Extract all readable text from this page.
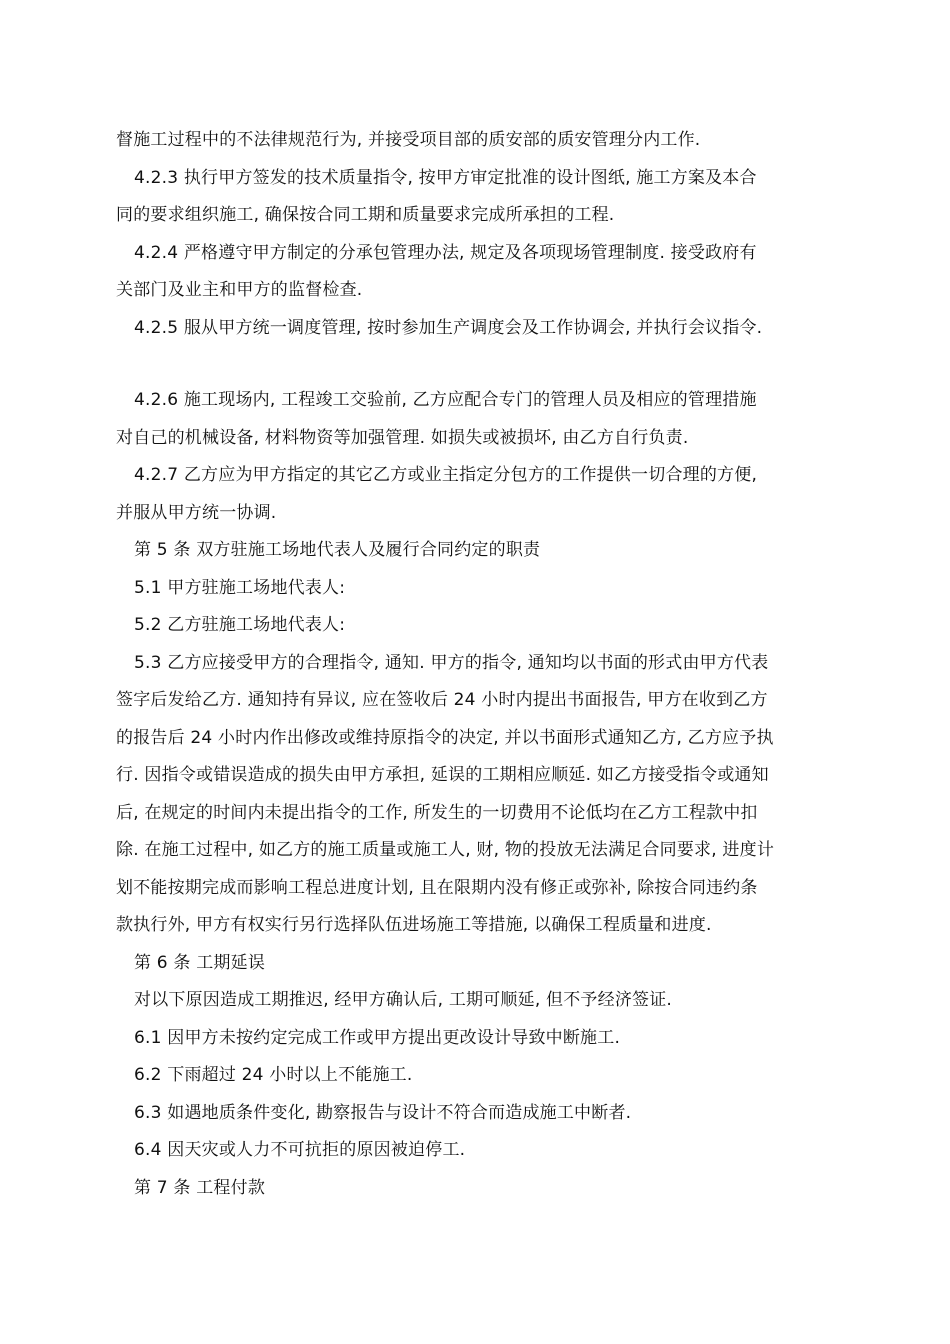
督施工过程中的不法律规范行为, 并接受项目部的质安部的质安管理分内工作.
4.2.3 执行甲方签发的技术质量指令, 按甲方审定批准的设计图纸, 施工方案及本合
同的要求组织施工, 确保按合同工期和质量要求完成所承担的工程.
4.2.4 严格遵守甲方制定的分承包管理办法, 规定及各项现场管理制度. 接受政府有
关部门及业主和甲方的监督检查.
4.2.5 服从甲方统一调度管理, 按时参加生产调度会及工作协调会, 并执行会议指令.
4.2.6 施工现场内, 工程竣工交验前, 乙方应配合专门的管理人员及相应的管理措施
对自己的机械设备, 材料物资等加强管理. 如损失或被损坏, 由乙方自行负责.
4.2.7 乙方应为甲方指定的其它乙方或业主指定分包方的工作提供一切合理的方便,
并服从甲方统一协调.
第 5 条 双方驻施工场地代表人及履行合同约定的职责
5.1 甲方驻施工场地代表人:
5.2 乙方驻施工场地代表人:
5.3 乙方应接受甲方的合理指令, 通知. 甲方的指令, 通知均以书面的形式由甲方代表
签字后发给乙方. 通知持有异议, 应在签收后 24 小时内提出书面报告, 甲方在收到乙方
的报告后 24 小时内作出修改或维持原指令的决定, 并以书面形式通知乙方, 乙方应予执
行. 因指令或错误造成的损失由甲方承担, 延误的工期相应顺延. 如乙方接受指令或通知
后, 在规定的时间内未提出指令的工作, 所发生的一切费用不论低均在乙方工程款中扣
除. 在施工过程中, 如乙方的施工质量或施工人, 财, 物的投放无法满足合同要求, 进度计
划不能按期完成而影响工程总进度计划, 且在限期内没有修正或弥补, 除按合同违约条
款执行外, 甲方有权实行另行选择队伍进场施工等措施, 以确保工程质量和进度.
第 6 条 工期延误
对以下原因造成工期推迟, 经甲方确认后, 工期可顺延, 但不予经济签证.
6.1 因甲方未按约定完成工作或甲方提出更改设计导致中断施工.
6.2 下雨超过 24 小时以上不能施工.
6.3 如遇地质条件变化, 勘察报告与设计不符合而造成施工中断者.
6.4 因天灾或人力不可抗拒的原因被迫停工.
第 7 条 工程付款
